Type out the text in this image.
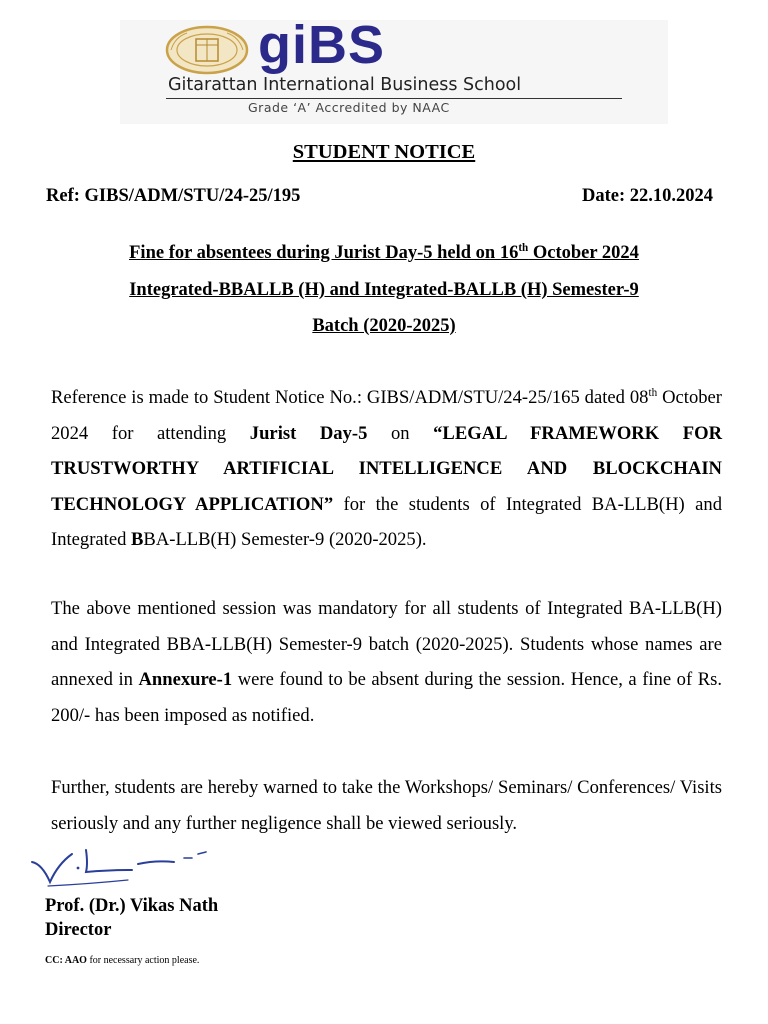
giBS
Gitarattan International Business School
Grade ‘A’ Accredited by NAAC
STUDENT NOTICE
Ref: GIBS/ADM/STU/24-25/195	Date: 22.10.2024
Fine for absentees during Jurist Day-5 held on 16th October 2024
Integrated-BBALLB (H) and Integrated-BALLB (H) Semester-9
Batch (2020-2025)

Reference is made to Student Notice No.: GIBS/ADM/STU/24-25/165 dated 08th October 2024 for attending Jurist Day-5 on “LEGAL FRAMEWORK FOR TRUSTWORTHY ARTIFICIAL INTELLIGENCE AND BLOCKCHAIN TECHNOLOGY APPLICATION” for the students of Integrated BA-LLB(H) and Integrated BBA-LLB(H) Semester-9 (2020-2025).

The above mentioned session was mandatory for all students of Integrated BA-LLB(H) and Integrated BBA-LLB(H) Semester-9 batch (2020-2025). Students whose names are annexed in Annexure-1 were found to be absent during the session. Hence, a fine of Rs. 200/- has been imposed as notified.

Further, students are hereby warned to take the Workshops/ Seminars/ Conferences/ Visits seriously and any further negligence shall be viewed seriously.

Prof. (Dr.) Vikas Nath
Director
CC: AAO for necessary action please.
